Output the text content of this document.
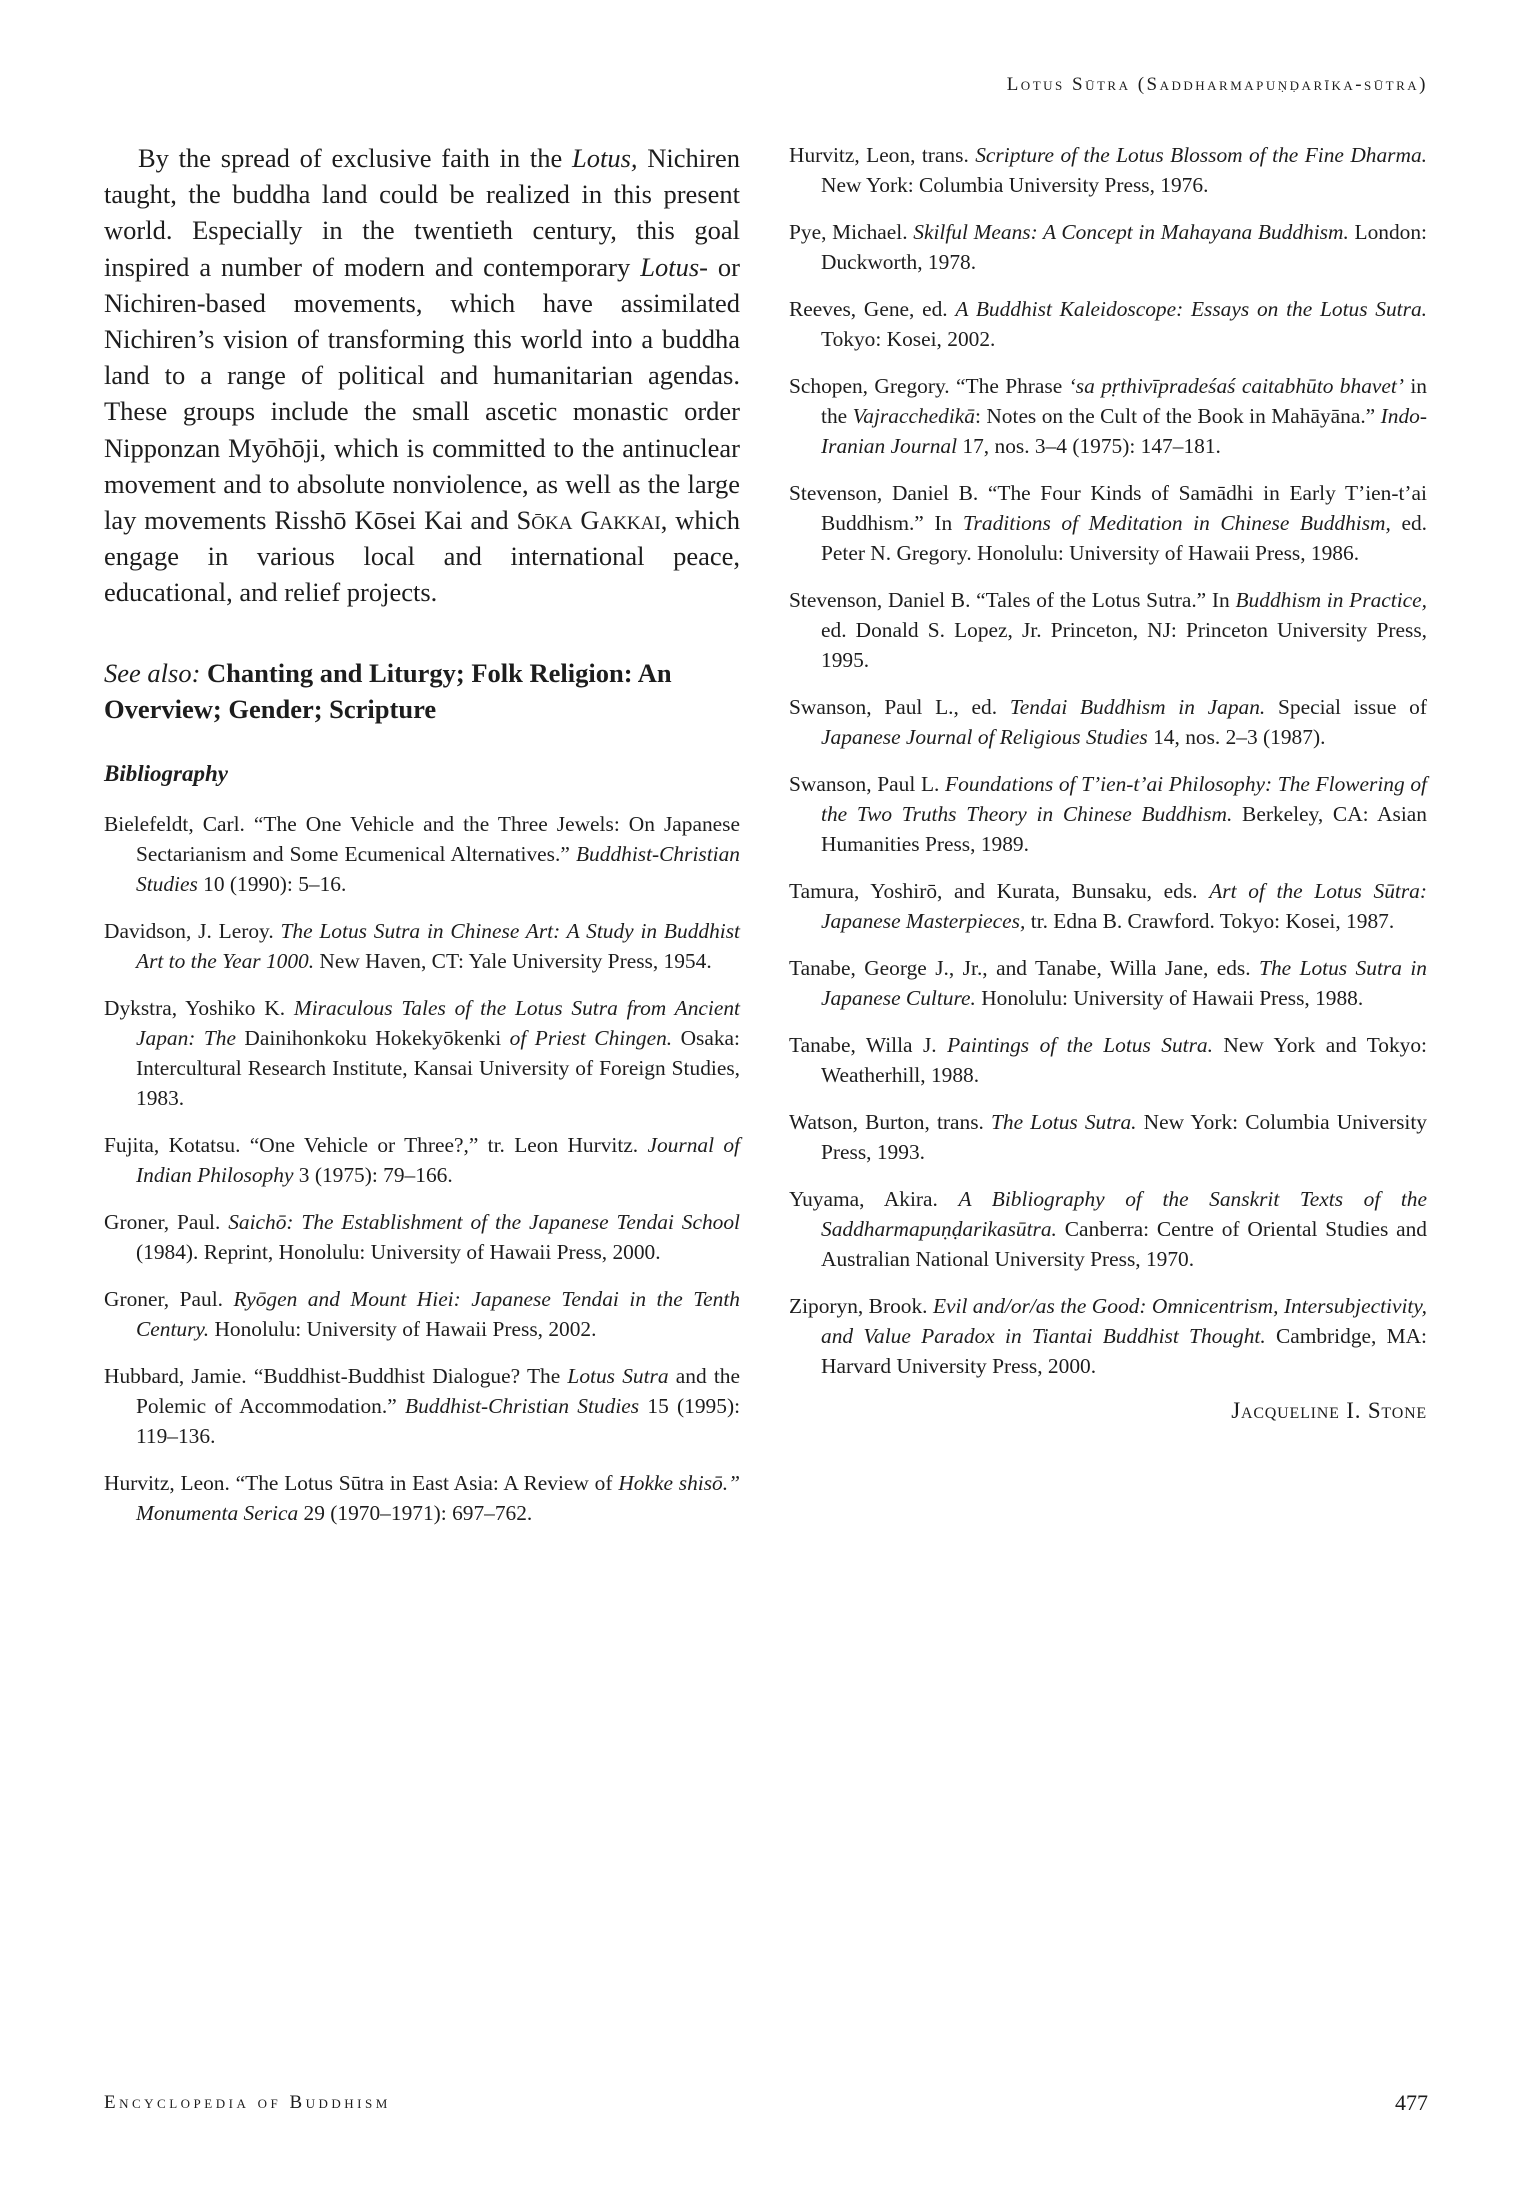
Lotus Sūtra (Saddharmapuṇḍarīka-sūtra)

By the spread of exclusive faith in the Lotus, Nichiren taught, the buddha land could be realized in this present world. Especially in the twentieth century, this goal inspired a number of modern and contemporary Lotus- or Nichiren-based movements, which have assimilated Nichiren’s vision of transforming this world into a buddha land to a range of political and humanitarian agendas. These groups include the small ascetic monastic order Nipponzan Myōhōji, which is committed to the antinuclear movement and to absolute nonviolence, as well as the large lay movements Risshō Kōsei Kai and Sōka Gakkai, which engage in various local and international peace, educational, and relief projects.

See also: Chanting and Liturgy; Folk Religion: An Overview; Gender; Scripture
Bibliography

Bielefeldt, Carl. “The One Vehicle and the Three Jewels: On Japanese Sectarianism and Some Ecumenical Alternatives.” Buddhist-Christian Studies 10 (1990): 5–16.

Davidson, J. Leroy. The Lotus Sutra in Chinese Art: A Study in Buddhist Art to the Year 1000. New Haven, CT: Yale University Press, 1954.

Dykstra, Yoshiko K. Miraculous Tales of the Lotus Sutra from Ancient Japan: The Dainihonkoku Hokekyōkenki of Priest Chingen. Osaka: Intercultural Research Institute, Kansai University of Foreign Studies, 1983.

Fujita, Kotatsu. “One Vehicle or Three?,” tr. Leon Hurvitz. Journal of Indian Philosophy 3 (1975): 79–166.

Groner, Paul. Saichō: The Establishment of the Japanese Tendai School (1984). Reprint, Honolulu: University of Hawaii Press, 2000.

Groner, Paul. Ryōgen and Mount Hiei: Japanese Tendai in the Tenth Century. Honolulu: University of Hawaii Press, 2002.

Hubbard, Jamie. “Buddhist-Buddhist Dialogue? The Lotus Sutra and the Polemic of Accommodation.” Buddhist-Christian Studies 15 (1995): 119–136.

Hurvitz, Leon. “The Lotus Sūtra in East Asia: A Review of Hokke shisō.” Monumenta Serica 29 (1970–1971): 697–762.

Hurvitz, Leon, trans. Scripture of the Lotus Blossom of the Fine Dharma. New York: Columbia University Press, 1976.

Pye, Michael. Skilful Means: A Concept in Mahayana Buddhism. London: Duckworth, 1978.

Reeves, Gene, ed. A Buddhist Kaleidoscope: Essays on the Lotus Sutra. Tokyo: Kosei, 2002.

Schopen, Gregory. “The Phrase ‘sa pṛthivīpradeśaś caitabhūto bhavet’ in the Vajracchedikā: Notes on the Cult of the Book in Mahāyāna.” Indo-Iranian Journal 17, nos. 3–4 (1975): 147–181.

Stevenson, Daniel B. “The Four Kinds of Samādhi in Early T’ien-t’ai Buddhism.” In Traditions of Meditation in Chinese Buddhism, ed. Peter N. Gregory. Honolulu: University of Hawaii Press, 1986.

Stevenson, Daniel B. “Tales of the Lotus Sutra.” In Buddhism in Practice, ed. Donald S. Lopez, Jr. Princeton, NJ: Princeton University Press, 1995.

Swanson, Paul L., ed. Tendai Buddhism in Japan. Special issue of Japanese Journal of Religious Studies 14, nos. 2–3 (1987).

Swanson, Paul L. Foundations of T’ien-t’ai Philosophy: The Flowering of the Two Truths Theory in Chinese Buddhism. Berkeley, CA: Asian Humanities Press, 1989.

Tamura, Yoshirō, and Kurata, Bunsaku, eds. Art of the Lotus Sūtra: Japanese Masterpieces, tr. Edna B. Crawford. Tokyo: Kosei, 1987.

Tanabe, George J., Jr., and Tanabe, Willa Jane, eds. The Lotus Sutra in Japanese Culture. Honolulu: University of Hawaii Press, 1988.

Tanabe, Willa J. Paintings of the Lotus Sutra. New York and Tokyo: Weatherhill, 1988.

Watson, Burton, trans. The Lotus Sutra. New York: Columbia University Press, 1993.

Yuyama, Akira. A Bibliography of the Sanskrit Texts of the Saddharmapuṇḍarikasūtra. Canberra: Centre of Oriental Studies and Australian National University Press, 1970.

Ziporyn, Brook. Evil and/or/as the Good: Omnicentrism, Intersubjectivity, and Value Paradox in Tiantai Buddhist Thought. Cambridge, MA: Harvard University Press, 2000.

Jacqueline I. Stone
Encyclopedia of Buddhism	477
